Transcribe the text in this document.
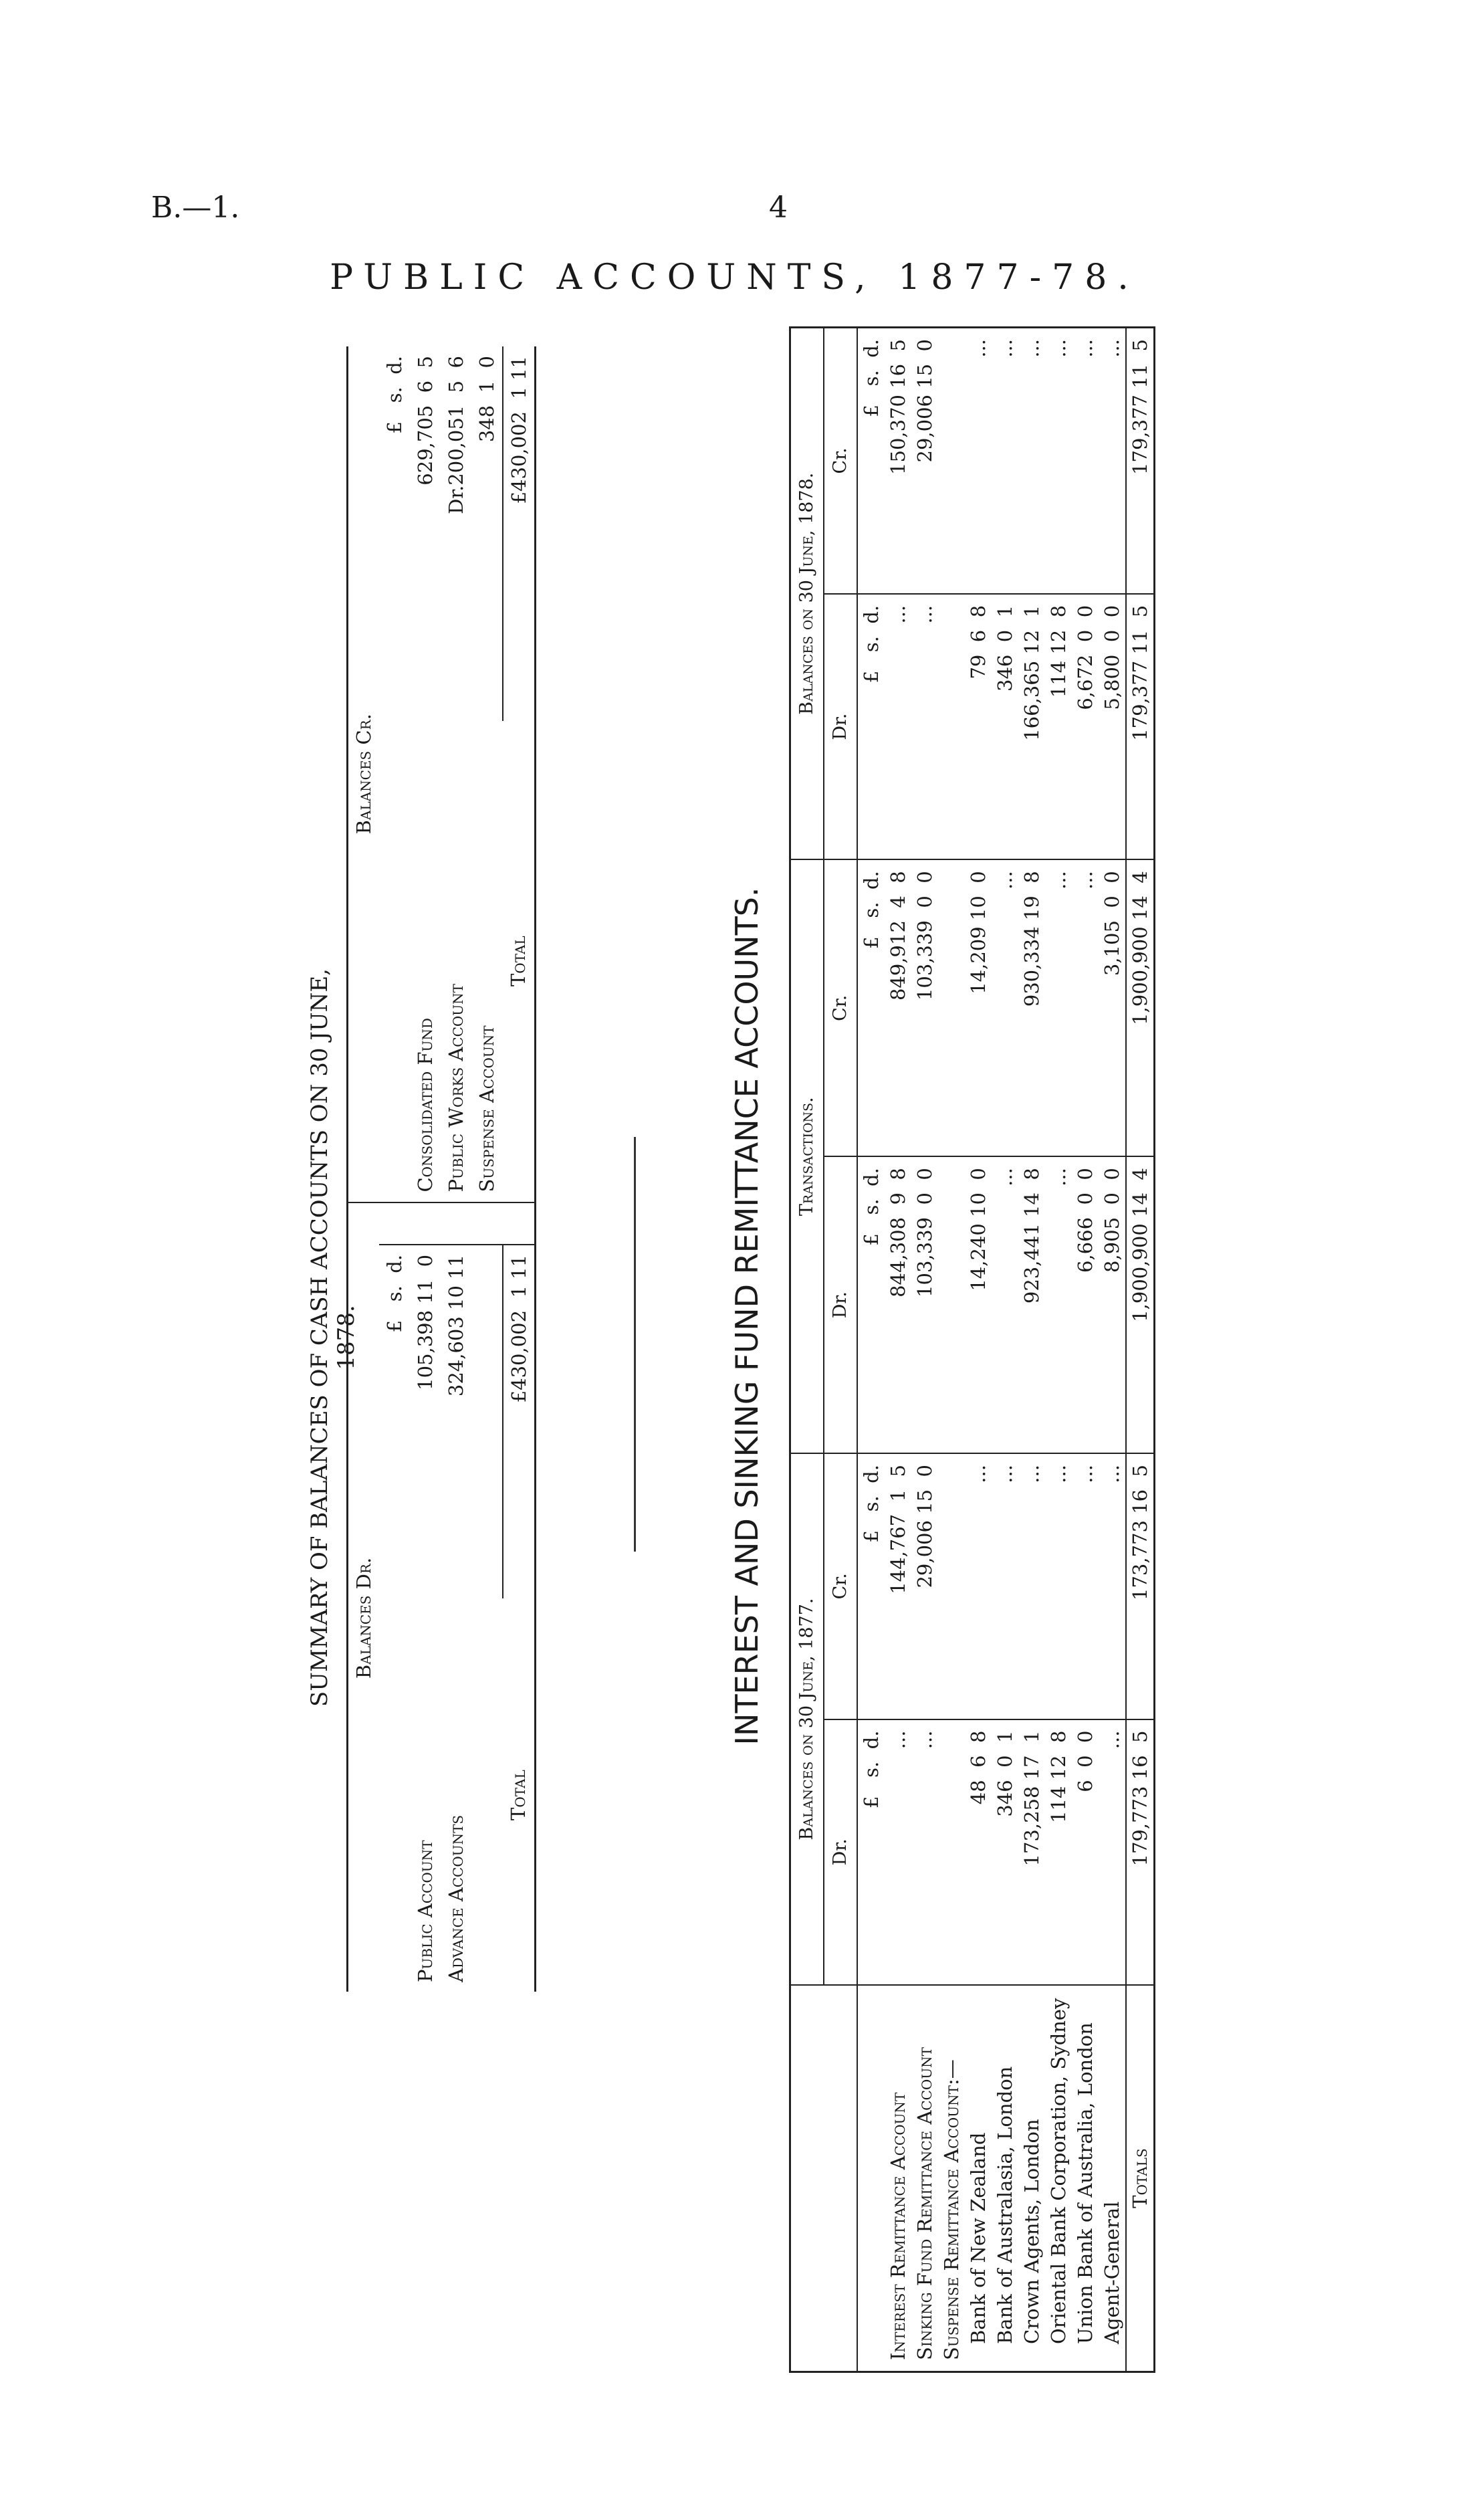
B.—1.	4
PUBLIC ACCOUNTS, 1877-78.
SUMMARY OF BALANCES OF CASH ACCOUNTS ON 30 JUNE, 1878.
Balances Dr.			Balances Cr.	
	£   s.  d.			£   s.  d.
Public Account	105,398 11  0		Consolidated Fund	629,705  6  5
Advance Accounts	324,603 10 11		Public Works Account	Dr.200,051  5  6
			Suspense Account	348  1  0
Total	£430,002  1 11		Total	£430,002  1 11
INTEREST AND SINKING FUND REMITTANCE ACCOUNTS.
	Balances on 30 June, 1877.		Transactions.		Balances on 30 June, 1878.	
	Dr.	Cr.	Dr.	Cr.	Dr.	Cr.
	£   s.  d.	£   s.  d.	£   s.  d.	£   s.  d.	£   s.  d.	£   s.  d.
Interest Remittance Account	...	144,767  1  5	844,308  9  8	849,912  4  8	...	150,370 16  5
Sinking Fund Remittance Account	...	29,006 15  0	103,339  0  0	103,339  0  0	...	29,006 15  0
Suspense Remittance Account:—						
Bank of New Zealand	48  6  8	...	14,240 10  0	14,209 10  0	79  6  8	...
Bank of Australasia, London	346  0  1	...	...	...	346  0  1	...
Crown Agents, London	173,258 17  1	...	923,441 14  8	930,334 19  8	166,365 12  1	...
Oriental Bank Corporation, Sydney	114 12  8	...	...	...	114 12  8	...
Union Bank of Australia, London	6  0  0	...	6,666  0  0	...	6,672  0  0	...
Agent-General	...	...	8,905  0  0	3,105  0  0	5,800  0  0	...
Totals	179,773 16  5	173,773 16  5	1,900,900 14  4	1,900,900 14  4	179,377 11  5	179,377 11  5
